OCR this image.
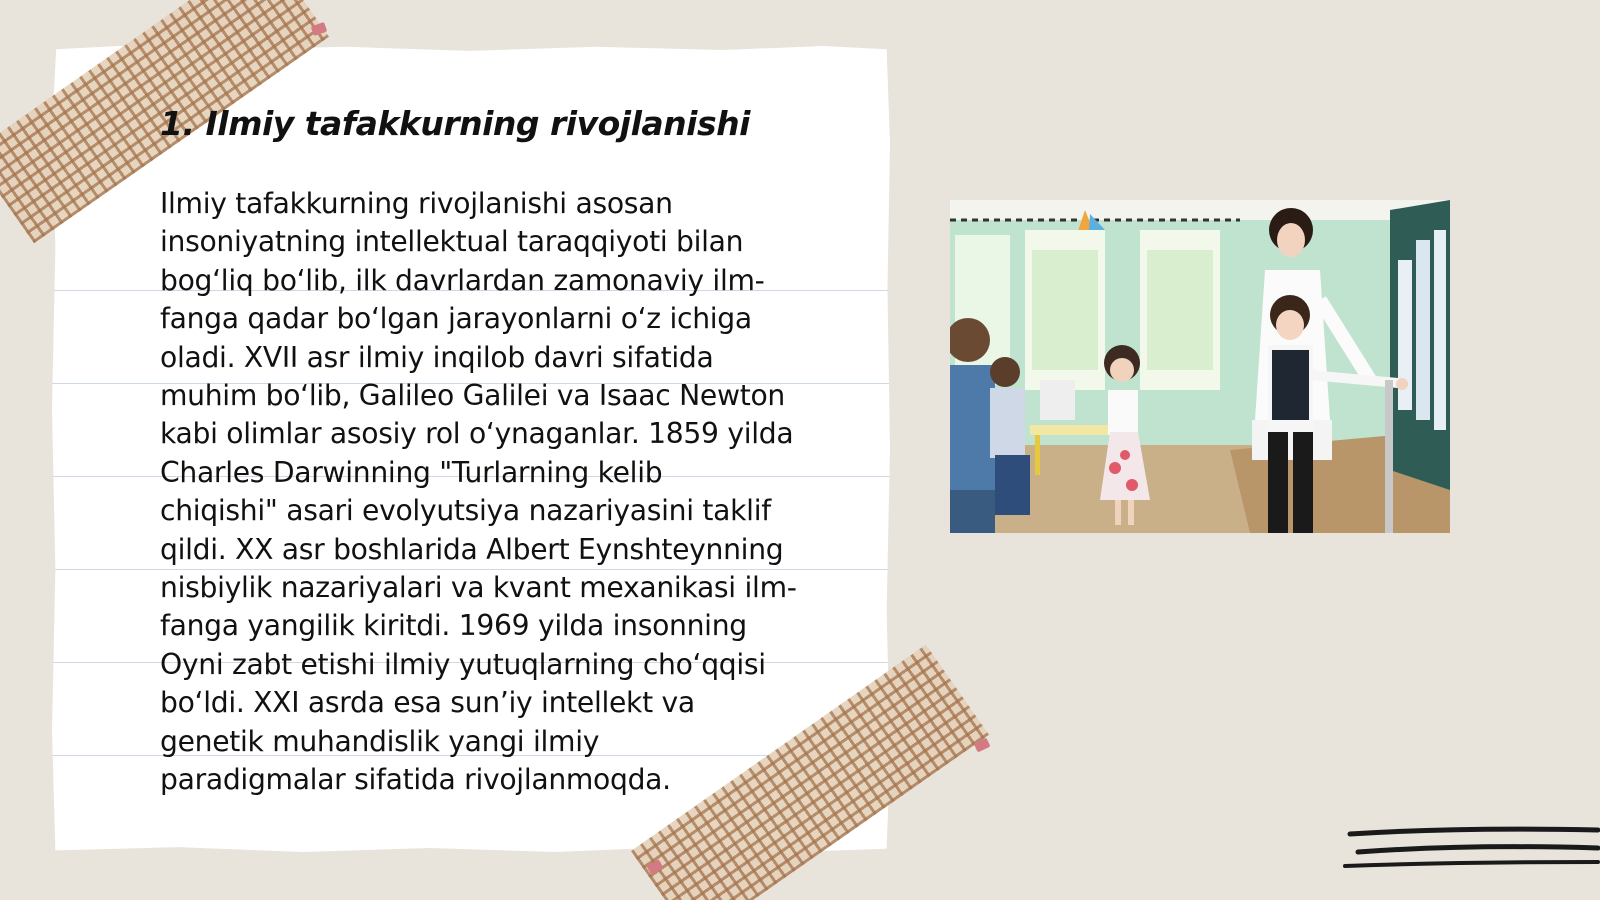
1. Ilmiy tafakkurning rivojlanishi
Ilmiy tafakkurning rivojlanishi asosan
insoniyatning intellektual taraqqiyoti bilan
bog‘liq bo‘lib, ilk davrlardan zamonaviy ilm-
fanga qadar bo‘lgan jarayonlarni o‘z ichiga
oladi. XVII asr ilmiy inqilob davri sifatida
muhim bo‘lib, Galileo Galilei va Isaac Newton
kabi olimlar asosiy rol o‘ynaganlar. 1859 yilda
Charles Darwinning "Turlarning kelib
chiqishi" asari evolyutsiya nazariyasini taklif
qildi. XX asr boshlarida Albert Eynshteynning
nisbiylik nazariyalari va kvant mexanikasi ilm-
fanga yangilik kiritdi. 1969 yilda insonning
Oyni zabt etishi ilmiy yutuqlarning cho‘qqisi
bo‘ldi. XXI asrda esa sun’iy intellekt va
genetik muhandislik yangi ilmiy
paradigmalar sifatida rivojlanmoqda.
